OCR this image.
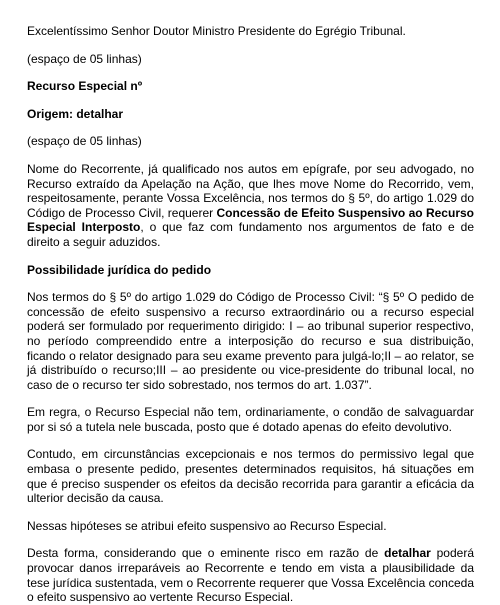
Excelentíssimo Senhor Doutor Ministro Presidente do Egrégio Tribunal.

(espaço de 05 linhas)

Recurso Especial nº

Origem: detalhar

(espaço de 05 linhas)

Nome do Recorrente, já qualificado nos autos em epígrafe, por seu advogado, no Recurso extraído da Apelação na Ação, que lhes move Nome do Recorrido, vem, respeitosamente, perante Vossa Excelência, nos termos do § 5º, do artigo 1.029 do Código de Processo Civil, requerer Concessão de Efeito Suspensivo ao Recurso Especial Interposto, o que faz com fundamento nos argumentos de fato e de direito a seguir aduzidos.

Possibilidade jurídica do pedido

Nos termos do § 5º do artigo 1.029 do Código de Processo Civil: “§ 5º O pedido de concessão de efeito suspensivo a recurso extraordinário ou a recurso especial poderá ser formulado por requerimento dirigido: I – ao tribunal superior respectivo, no período compreendido entre a interposição do recurso e sua distribuição, ficando o relator designado para seu exame prevento para julgá-lo;II – ao relator, se já distribuído o recurso;III – ao presidente ou vice-presidente do tribunal local, no caso de o recurso ter sido sobrestado, nos termos do art. 1.037”.

Em regra, o Recurso Especial não tem, ordinariamente, o condão de salvaguardar por si só a tutela nele buscada, posto que é dotado apenas do efeito devolutivo.

Contudo, em circunstâncias excepcionais e nos termos do permissivo legal que embasa o presente pedido, presentes determinados requisitos, há situações em que é preciso suspender os efeitos da decisão recorrida para garantir a eficácia da ulterior decisão da causa.

Nessas hipóteses se atribui efeito suspensivo ao Recurso Especial.

Desta forma, considerando que o eminente risco em razão de detalhar poderá provocar danos irreparáveis ao Recorrente e tendo em vista a plausibilidade da tese jurídica sustentada, vem o Recorrente requerer que Vossa Excelência conceda o efeito suspensivo ao vertente Recurso Especial.
